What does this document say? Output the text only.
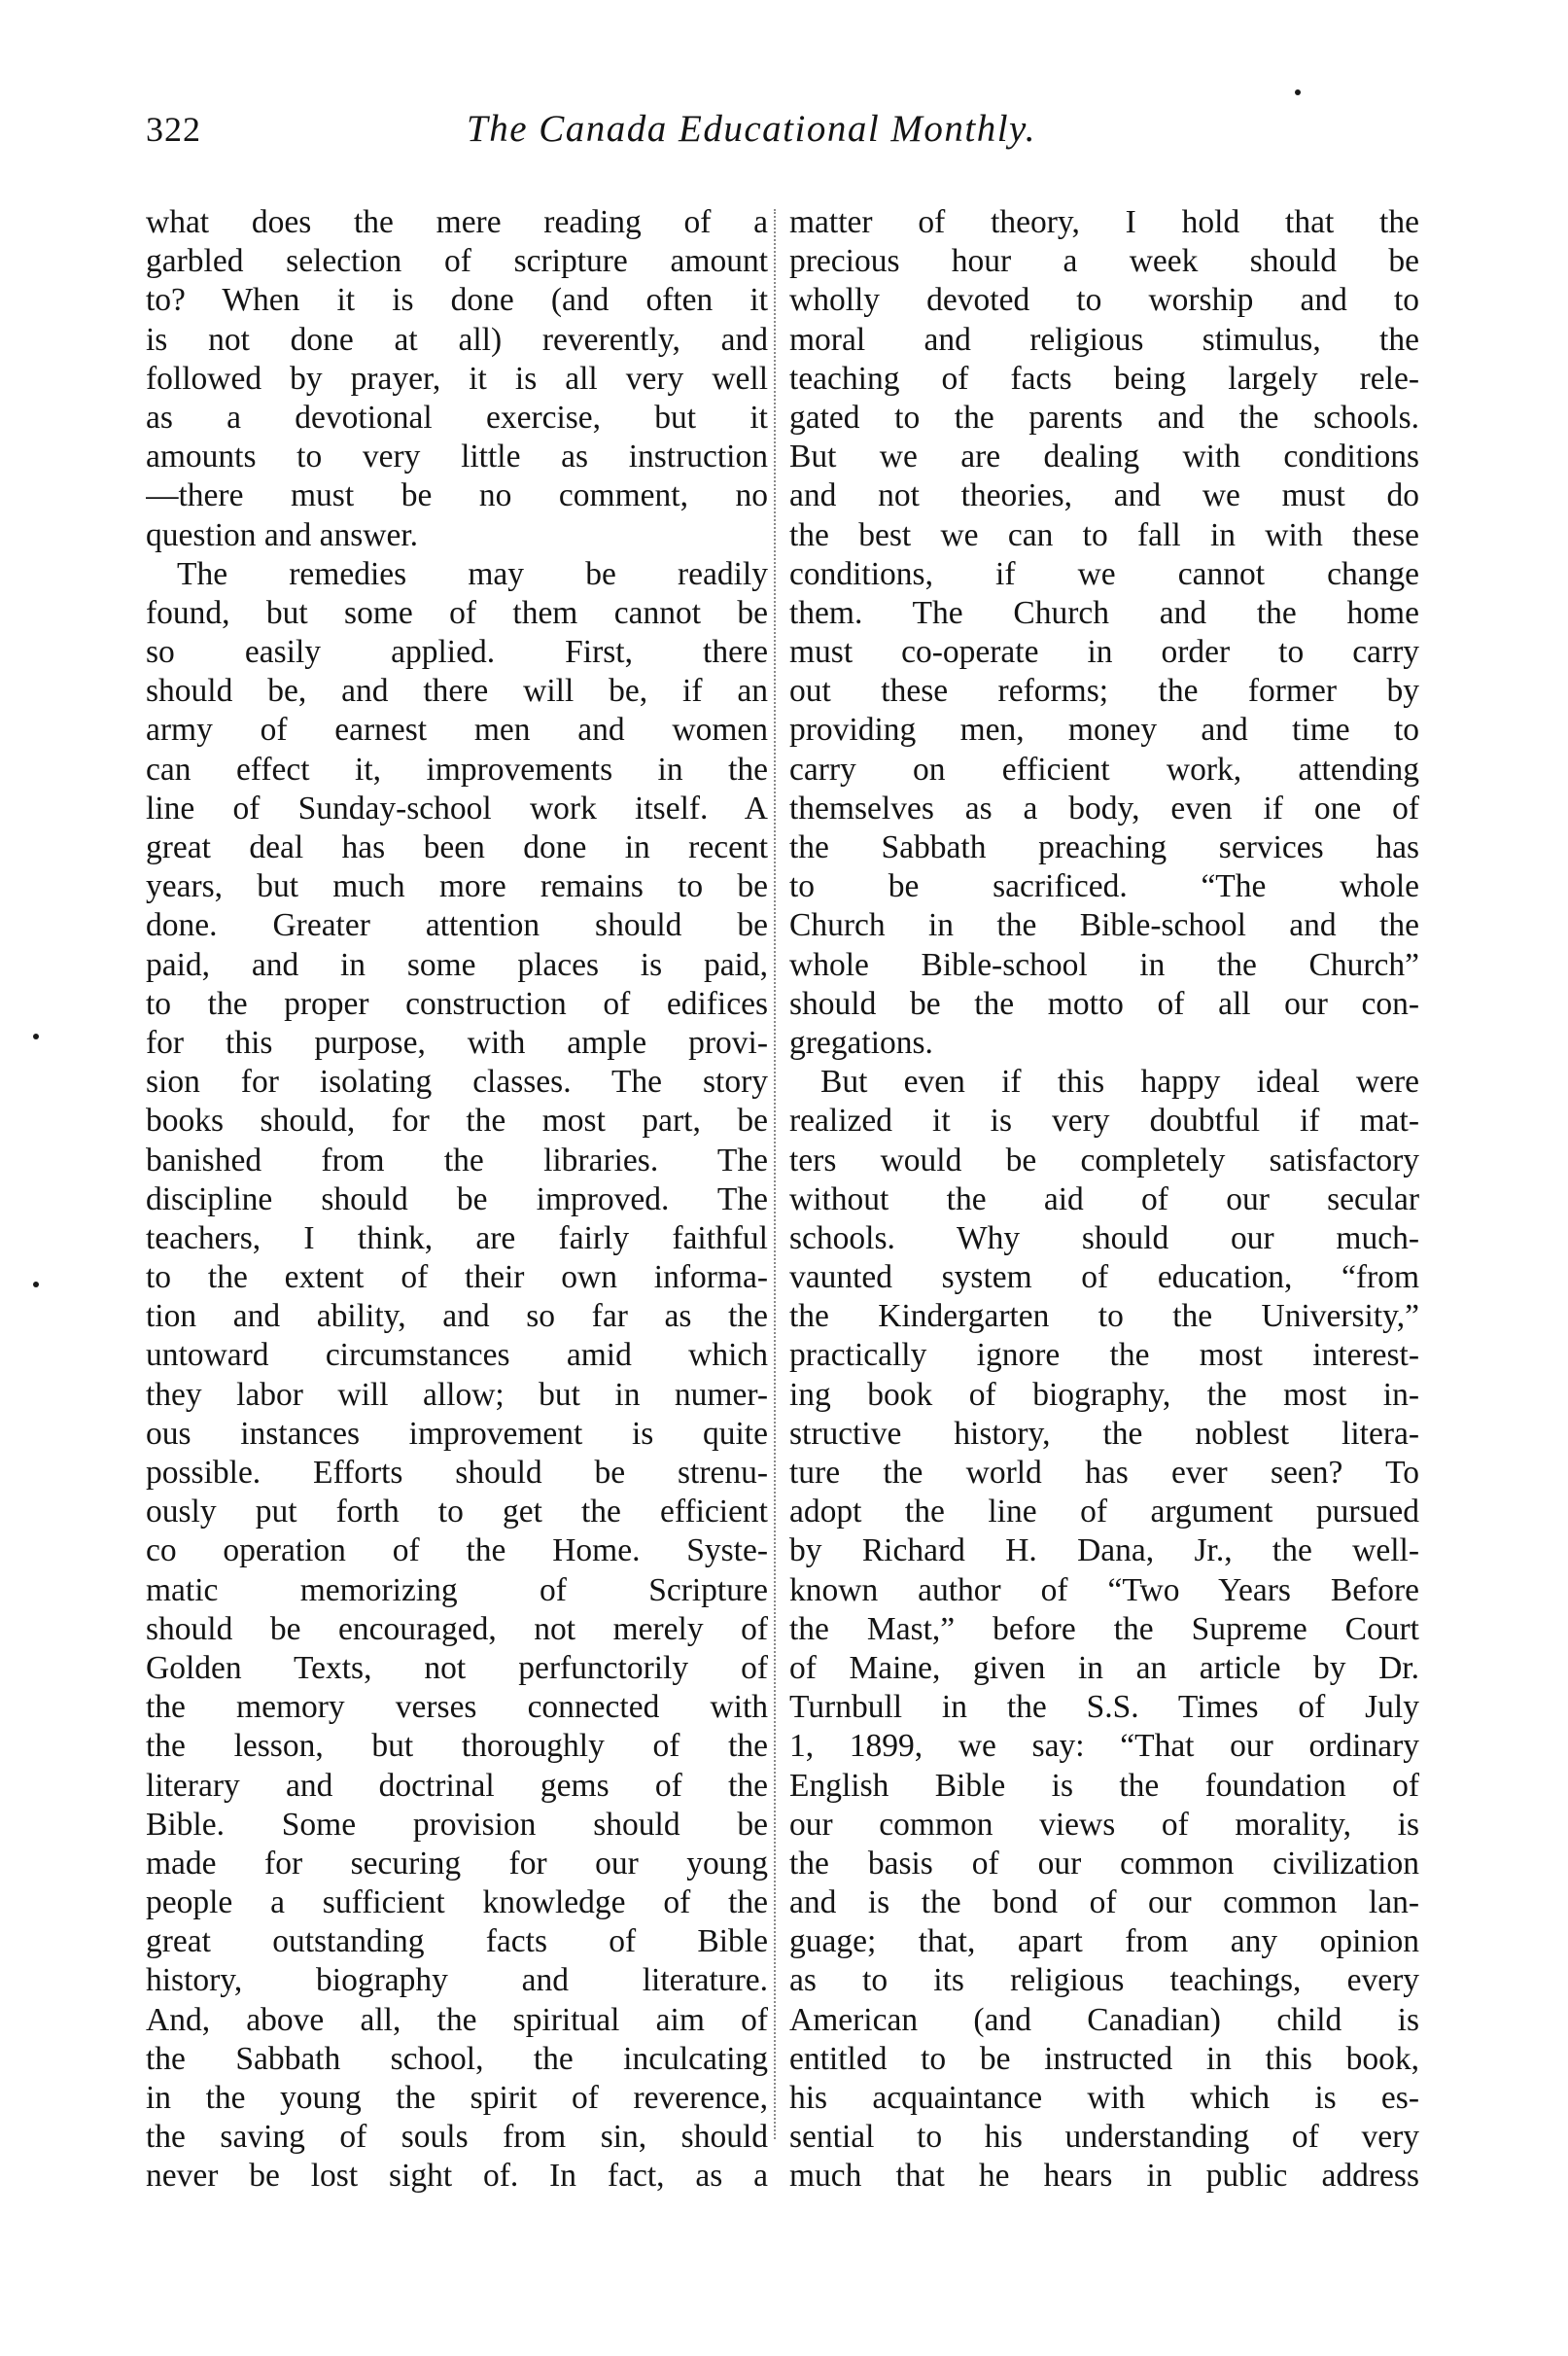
322	The Canada Educational Monthly.
what does the mere reading of a
garbled selection of scripture amount
to? When it is done (and often it
is not done at all) reverently, and
followed by prayer, it is all very well
as a devotional exercise, but it
amounts to very little as instruction
—there must be no comment, no
question and answer.
The remedies may be readily
found, but some of them cannot be
so easily applied. First, there
should be, and there will be, if an
army of earnest men and women
can effect it, improvements in the
line of Sunday-school work itself. A
great deal has been done in recent
years, but much more remains to be
done. Greater attention should be
paid, and in some places is paid,
to the proper construction of edifices
for this purpose, with ample provi-
sion for isolating classes. The story
books should, for the most part, be
banished from the libraries. The
discipline should be improved. The
teachers, I think, are fairly faithful
to the extent of their own informa-
tion and ability, and so far as the
untoward circumstances amid which
they labor will allow; but in numer-
ous instances improvement is quite
possible. Efforts should be strenu-
ously put forth to get the efficient
co operation of the Home. Syste-
matic memorizing of Scripture
should be encouraged, not merely of
Golden Texts, not perfunctorily of
the memory verses connected with
the lesson, but thoroughly of the
literary and doctrinal gems of the
Bible. Some provision should be
made for securing for our young
people a sufficient knowledge of the
great outstanding facts of Bible
history, biography and literature.
And, above all, the spiritual aim of
the Sabbath school, the inculcating
in the young the spirit of reverence,
the saving of souls from sin, should
never be lost sight of. In fact, as a
matter of theory, I hold that the
precious hour a week should be
wholly devoted to worship and to
moral and religious stimulus, the
teaching of facts being largely rele-
gated to the parents and the schools.
But we are dealing with conditions
and not theories, and we must do
the best we can to fall in with these
conditions, if we cannot change
them. The Church and the home
must co-operate in order to carry
out these reforms; the former by
providing men, money and time to
carry on efficient work, attending
themselves as a body, even if one of
the Sabbath preaching services has
to be sacrificed. “The whole
Church in the Bible-school and the
whole Bible-school in the Church”
should be the motto of all our con-
gregations.
But even if this happy ideal were
realized it is very doubtful if mat-
ters would be completely satisfactory
without the aid of our secular
schools. Why should our much-
vaunted system of education, “from
the Kindergarten to the University,”
practically ignore the most interest-
ing book of biography, the most in-
structive history, the noblest litera-
ture the world has ever seen? To
adopt the line of argument pursued
by Richard H. Dana, Jr., the well-
known author of “Two Years Before
the Mast,” before the Supreme Court
of Maine, given in an article by Dr.
Turnbull in the S.S. Times of July
1, 1899, we say: “That our ordinary
English Bible is the foundation of
our common views of morality, is
the basis of our common civilization
and is the bond of our common lan-
guage; that, apart from any opinion
as to its religious teachings, every
American (and Canadian) child is
entitled to be instructed in this book,
his acquaintance with which is es-
sential to his understanding of very
much that he hears in public address
